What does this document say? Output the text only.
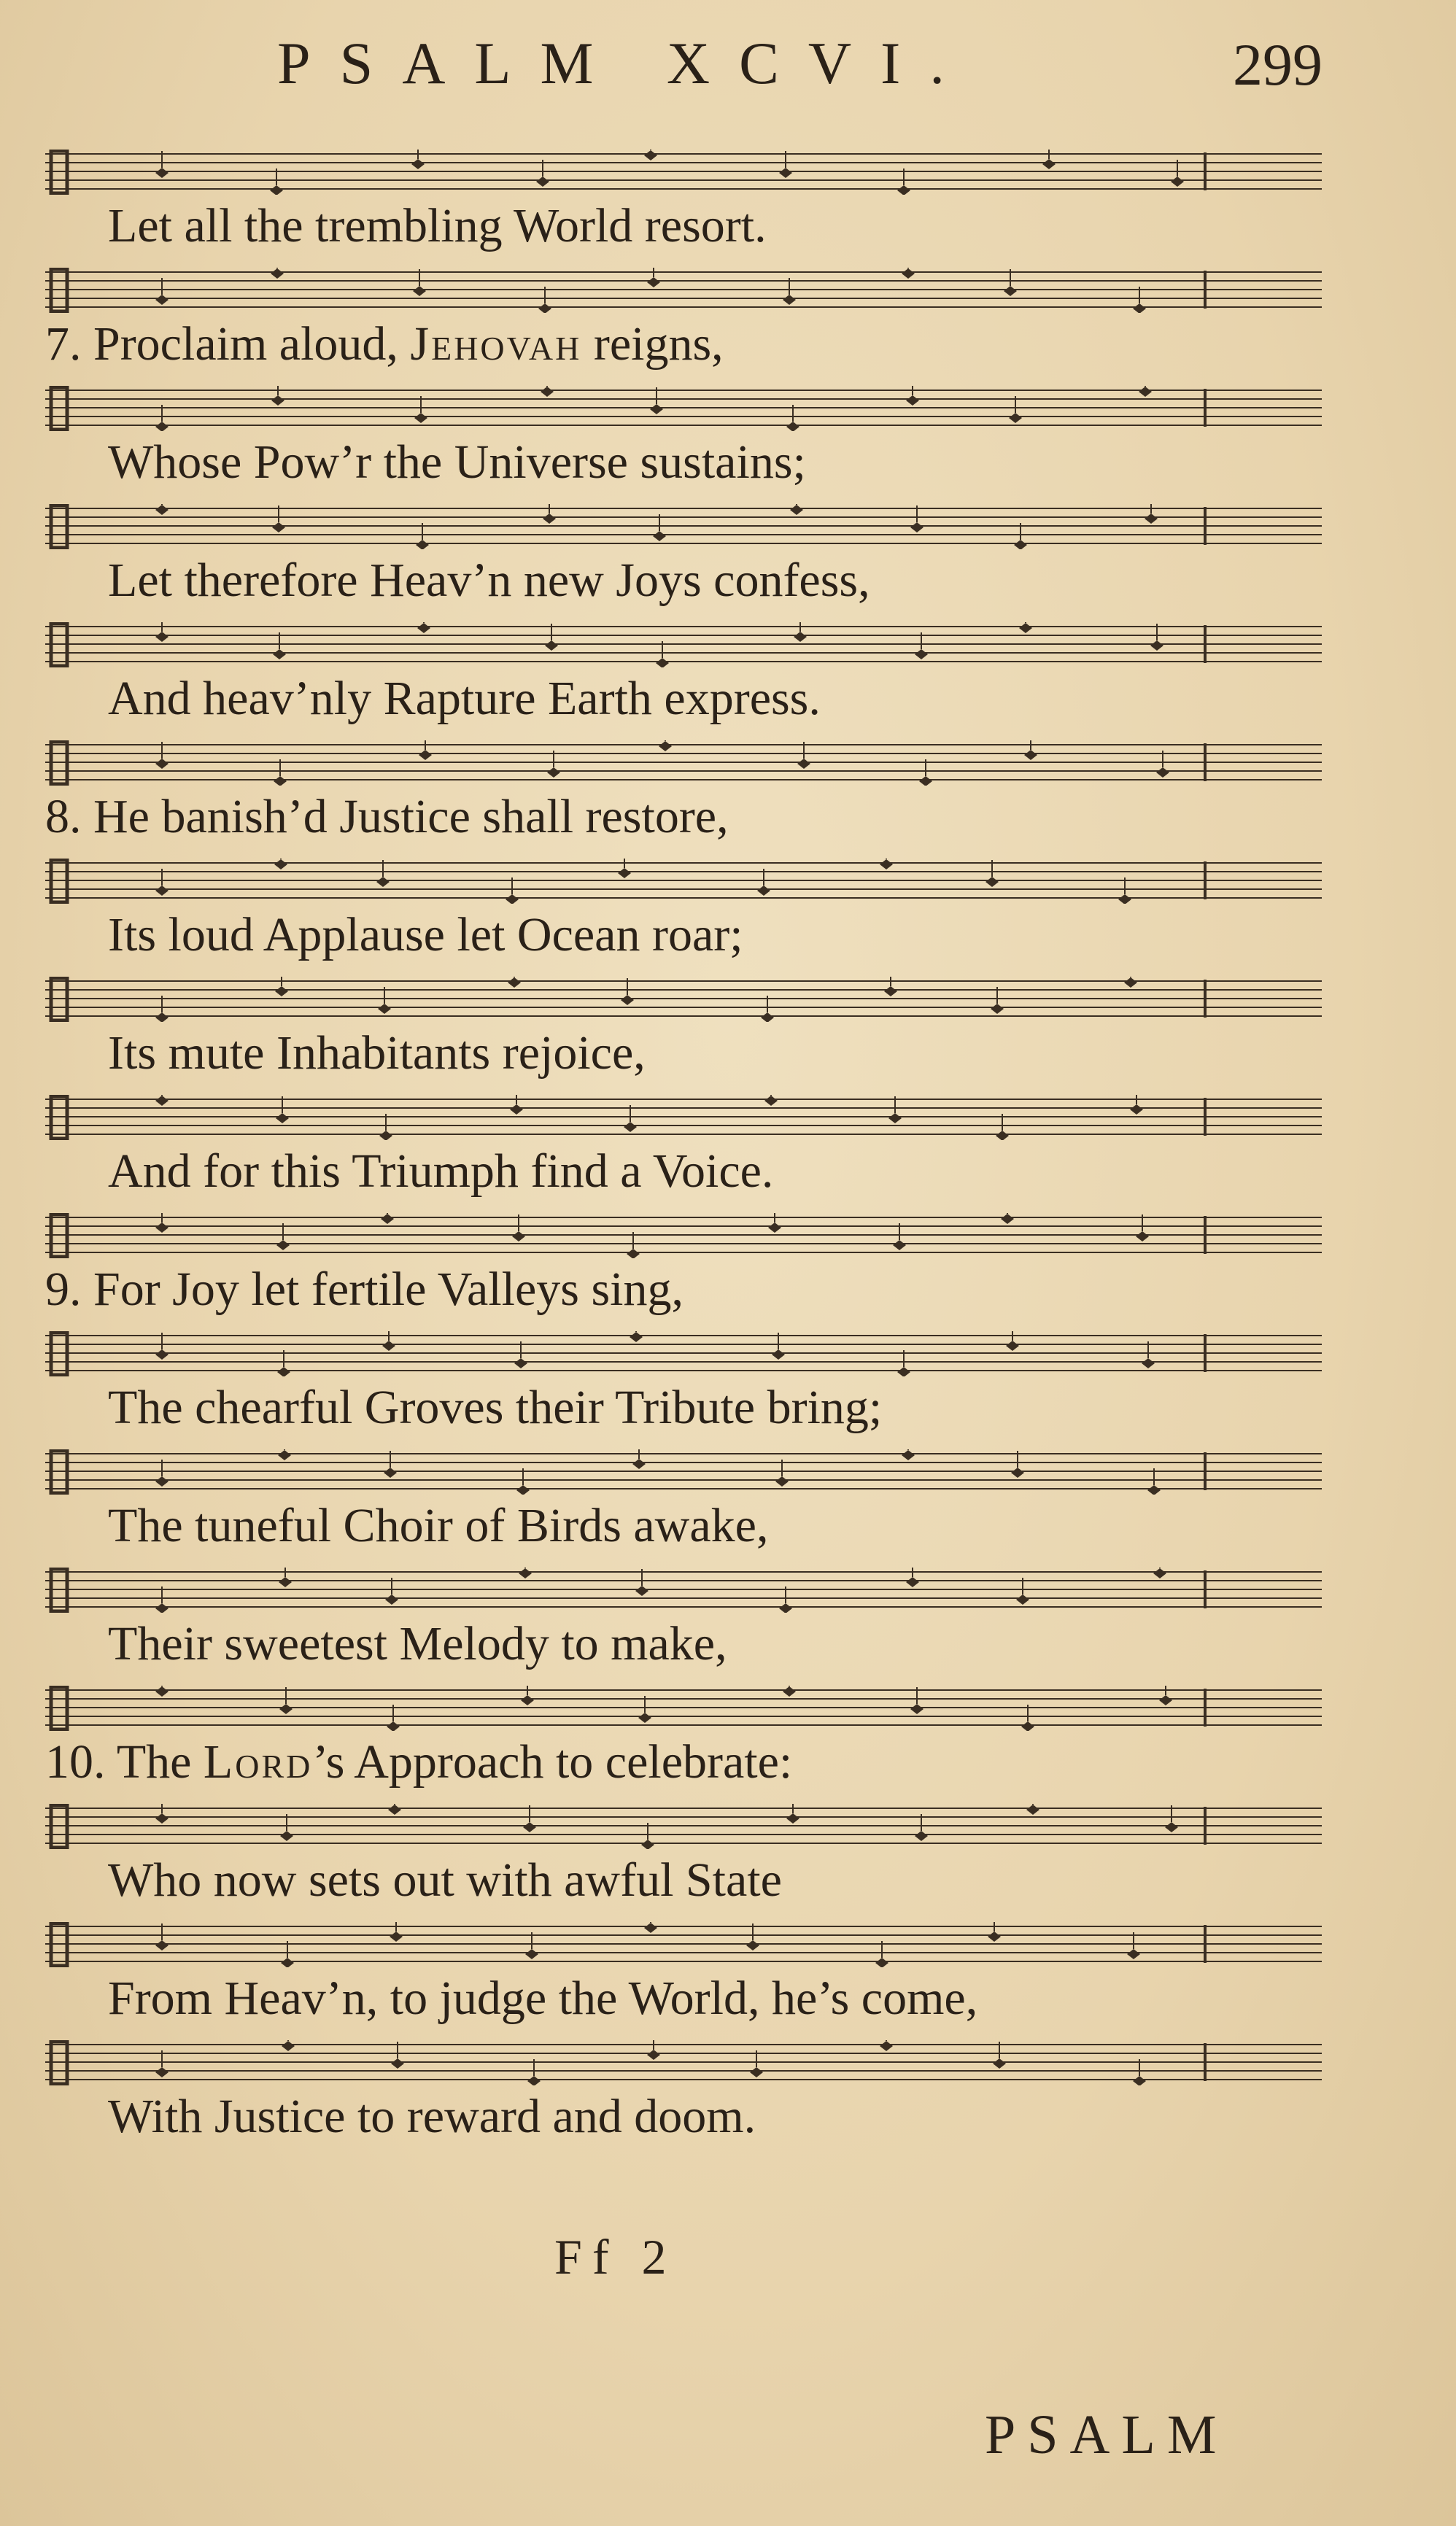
PSALM XCVI.	299
Let all the trembling World resort.
7. Proclaim aloud, Jehovah reigns,
Whose Pow’r the Universe sustains;
Let therefore Heav’n new Joys confess,
And heav’nly Rapture Earth express.
8. He banish’d Justice shall restore,
Its loud Applause let Ocean roar;
Its mute Inhabitants rejoice,
And for this Triumph find a Voice.
9. For Joy let fertile Valleys sing,
The chearful Groves their Tribute bring;
The tuneful Choir of Birds awake,
Their sweetest Melody to make,
10. The Lord’s Approach to celebrate:
Who now sets out with awful State
From Heav’n, to judge the World, he’s come,
With Justice to reward and doom.
Ff 2
PSALM
